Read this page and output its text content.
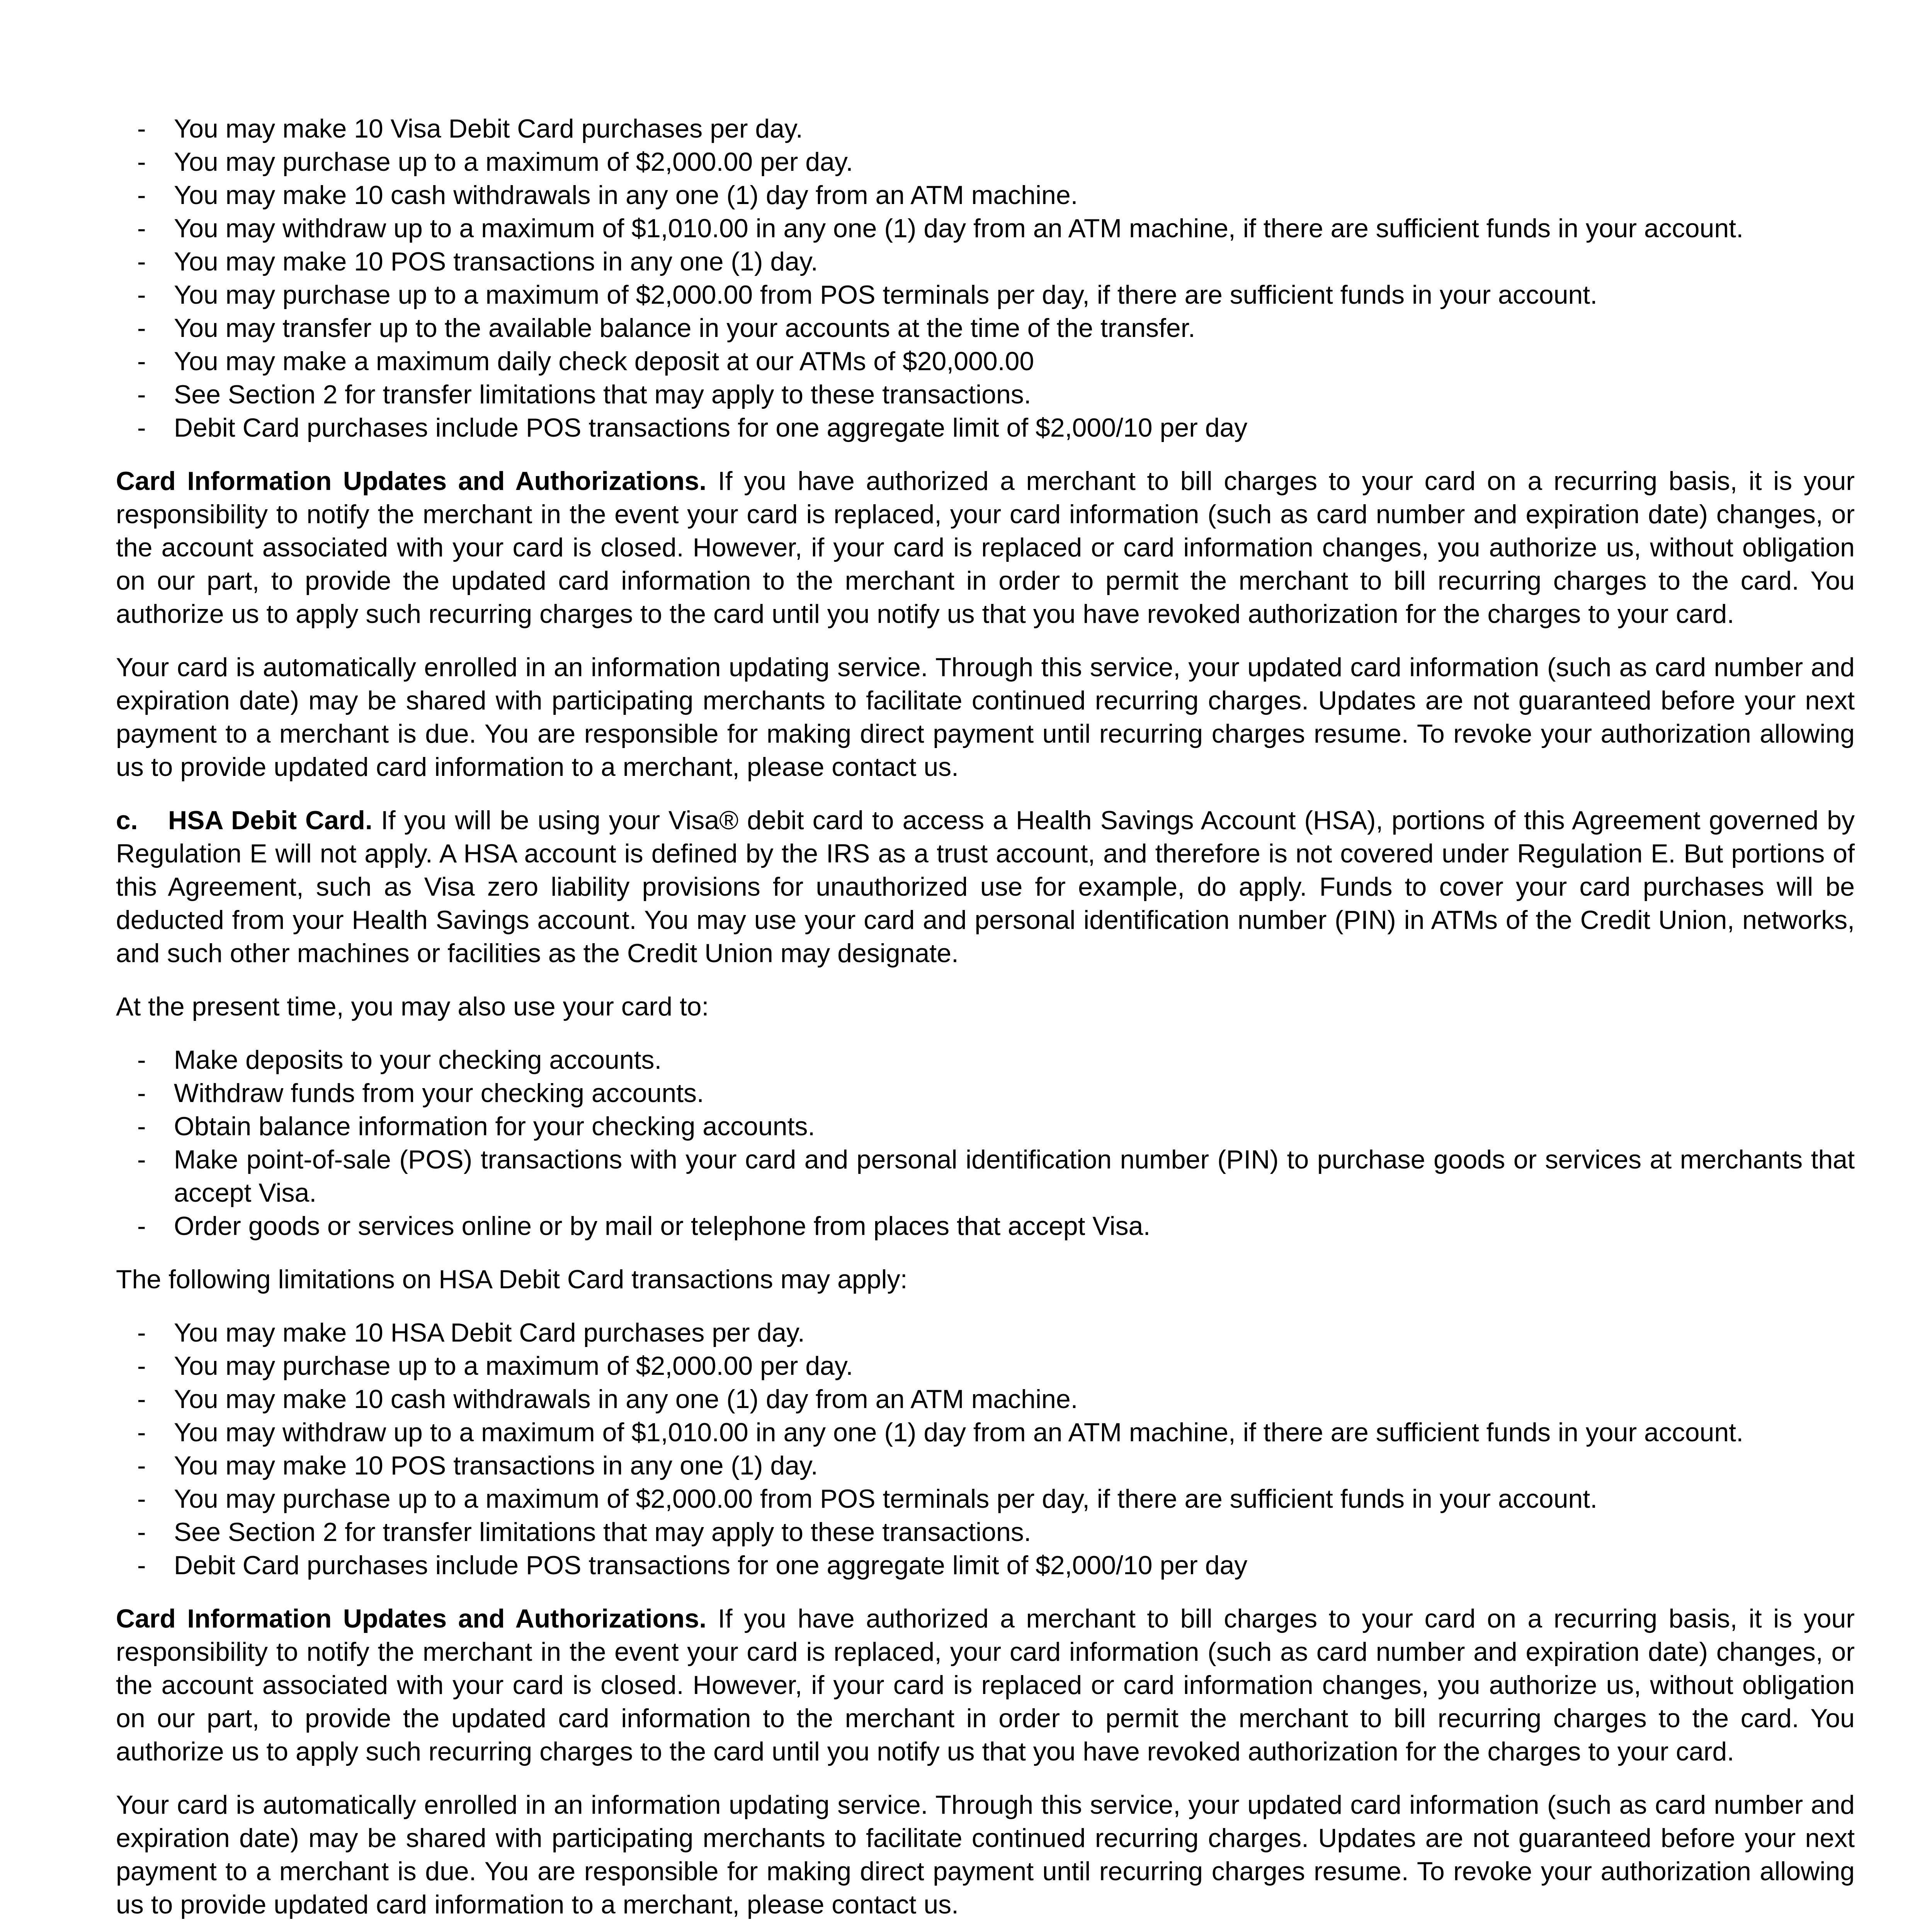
- You may make 10 Visa Debit Card purchases per day.
- You may purchase up to a maximum of $2,000.00 per day.
- You may make 10 cash withdrawals in any one (1) day from an ATM machine.
- You may withdraw up to a maximum of $1,010.00 in any one (1) day from an ATM machine, if there are sufficient funds in your account.
- You may make 10 POS transactions in any one (1) day.
- You may purchase up to a maximum of $2,000.00 from POS terminals per day, if there are sufficient funds in your account.
- You may transfer up to the available balance in your accounts at the time of the transfer.
- You may make a maximum daily check deposit at our ATMs of $20,000.00
- See Section 2 for transfer limitations that may apply to these transactions.
- Debit Card purchases include POS transactions for one aggregate limit of $2,000/10 per day

Card Information Updates and Authorizations. If you have authorized a merchant to bill charges to your card on a recurring basis, it is your responsibility to notify the merchant in the event your card is replaced, your card information (such as card number and expiration date) changes, or the account associated with your card is closed. However, if your card is replaced or card information changes, you authorize us, without obligation on our part, to provide the updated card information to the merchant in order to permit the merchant to bill recurring charges to the card. You authorize us to apply such recurring charges to the card until you notify us that you have revoked authorization for the charges to your card.

Your card is automatically enrolled in an information updating service. Through this service, your updated card information (such as card number and expiration date) may be shared with participating merchants to facilitate continued recurring charges. Updates are not guaranteed before your next payment to a merchant is due. You are responsible for making direct payment until recurring charges resume. To revoke your authorization allowing us to provide updated card information to a merchant, please contact us.

c. HSA Debit Card. If you will be using your Visa® debit card to access a Health Savings Account (HSA), portions of this Agreement governed by Regulation E will not apply. A HSA account is defined by the IRS as a trust account, and therefore is not covered under Regulation E. But portions of this Agreement, such as Visa zero liability provisions for unauthorized use for example, do apply. Funds to cover your card purchases will be deducted from your Health Savings account. You may use your card and personal identification number (PIN) in ATMs of the Credit Union, networks, and such other machines or facilities as the Credit Union may designate.

At the present time, you may also use your card to:

- Make deposits to your checking accounts.
- Withdraw funds from your checking accounts.
- Obtain balance information for your checking accounts.
- Make point-of-sale (POS) transactions with your card and personal identification number (PIN) to purchase goods or services at merchants that accept Visa.
- Order goods or services online or by mail or telephone from places that accept Visa.

The following limitations on HSA Debit Card transactions may apply:

- You may make 10 HSA Debit Card purchases per day.
- You may purchase up to a maximum of $2,000.00 per day.
- You may make 10 cash withdrawals in any one (1) day from an ATM machine.
- You may withdraw up to a maximum of $1,010.00 in any one (1) day from an ATM machine, if there are sufficient funds in your account.
- You may make 10 POS transactions in any one (1) day.
- You may purchase up to a maximum of $2,000.00 from POS terminals per day, if there are sufficient funds in your account.
- See Section 2 for transfer limitations that may apply to these transactions.
- Debit Card purchases include POS transactions for one aggregate limit of $2,000/10 per day

Card Information Updates and Authorizations. If you have authorized a merchant to bill charges to your card on a recurring basis, it is your responsibility to notify the merchant in the event your card is replaced, your card information (such as card number and expiration date) changes, or the account associated with your card is closed. However, if your card is replaced or card information changes, you authorize us, without obligation on our part, to provide the updated card information to the merchant in order to permit the merchant to bill recurring charges to the card. You authorize us to apply such recurring charges to the card until you notify us that you have revoked authorization for the charges to your card.

Your card is automatically enrolled in an information updating service. Through this service, your updated card information (such as card number and expiration date) may be shared with participating merchants to facilitate continued recurring charges. Updates are not guaranteed before your next payment to a merchant is due. You are responsible for making direct payment until recurring charges resume. To revoke your authorization allowing us to provide updated card information to a merchant, please contact us.
